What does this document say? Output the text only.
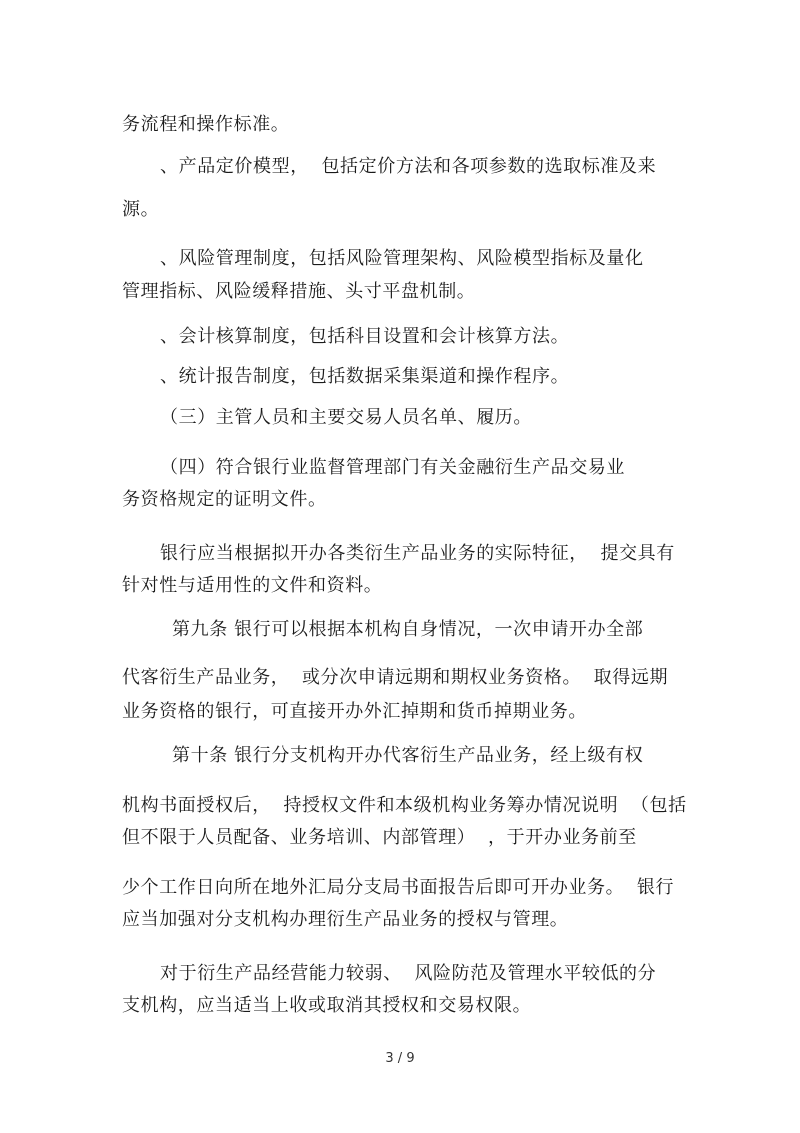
务流程和操作标准。
、产品定价模型，  包括定价方法和各项参数的选取标准及来
源。
、风险管理制度，包括风险管理架构、风险模型指标及量化
管理指标、风险缓释措施、头寸平盘机制。
、会计核算制度，包括科目设置和会计核算方法。
、统计报告制度，包括数据采集渠道和操作程序。
（三）主管人员和主要交易人员名单、履历。
（四）符合银行业监督管理部门有关金融衍生产品交易业
务资格规定的证明文件。
银行应当根据拟开办各类衍生产品业务的实际特征，  提交具有
针对性与适用性的文件和资料。
第九条 银行可以根据本机构自身情况，一次申请开办全部
代客衍生产品业务，  或分次申请远期和期权业务资格。  取得远期
业务资格的银行，可直接开办外汇掉期和货币掉期业务。
第十条 银行分支机构开办代客衍生产品业务，经上级有权
机构书面授权后，  持授权文件和本级机构业务筹办情况说明  （包括
但不限于人员配备、业务培训、内部管理）  ，于开办业务前至
少个工作日向所在地外汇局分支局书面报告后即可开办业务。  银行
应当加强对分支机构办理衍生产品业务的授权与管理。
对于衍生产品经营能力较弱、  风险防范及管理水平较低的分
支机构，应当适当上收或取消其授权和交易权限。
3 / 9
